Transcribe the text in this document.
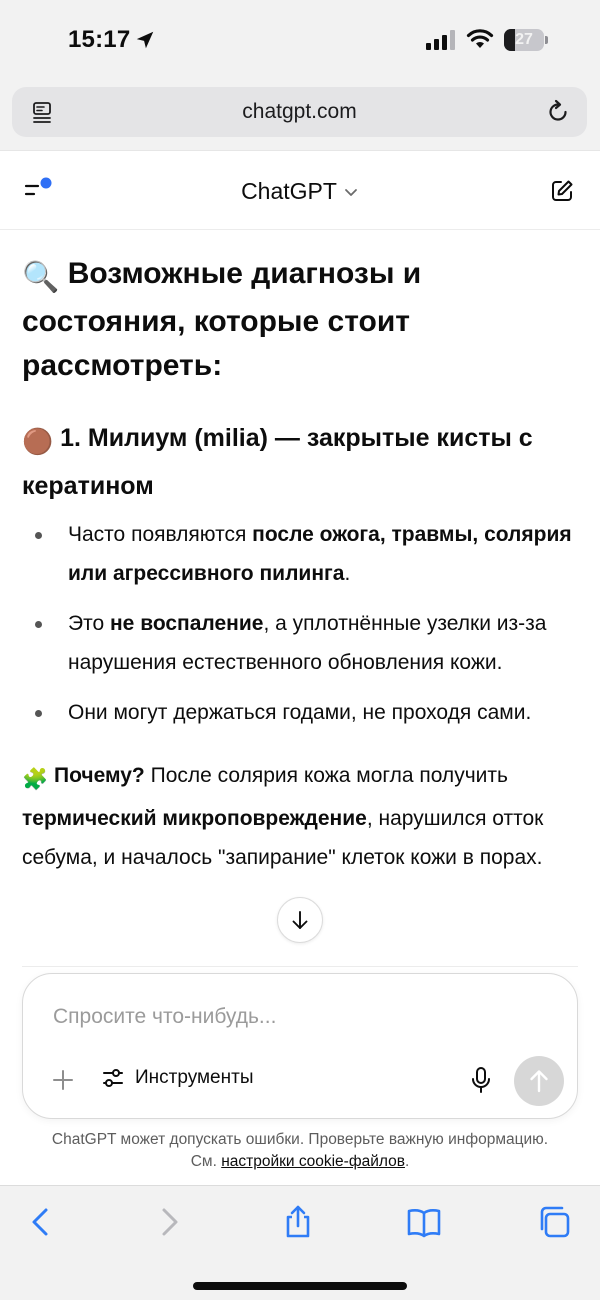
15:17	27
chatgpt.com
ChatGPT
🔍 Возможные диагнозы и состояния, которые стоит рассмотреть:
🟤 1. Милиум (milia) — закрытые кисты с кератином
Часто появляются после ожога, травмы, солярия или агрессивного пилинга.
Это не воспаление, а уплотнённые узелки из-за нарушения естественного обновления кожи.
Они могут держаться годами, не проходя сами.

🧩 Почему? После солярия кожа могла получить термический микроповреждение, нарушился отток себума, и началось "запирание" клеток кожи в порах.

Спросите что-нибудь...
Инструменты
ChatGPT может допускать ошибки. Проверьте важную информацию.
См. настройки cookie-файлов.
